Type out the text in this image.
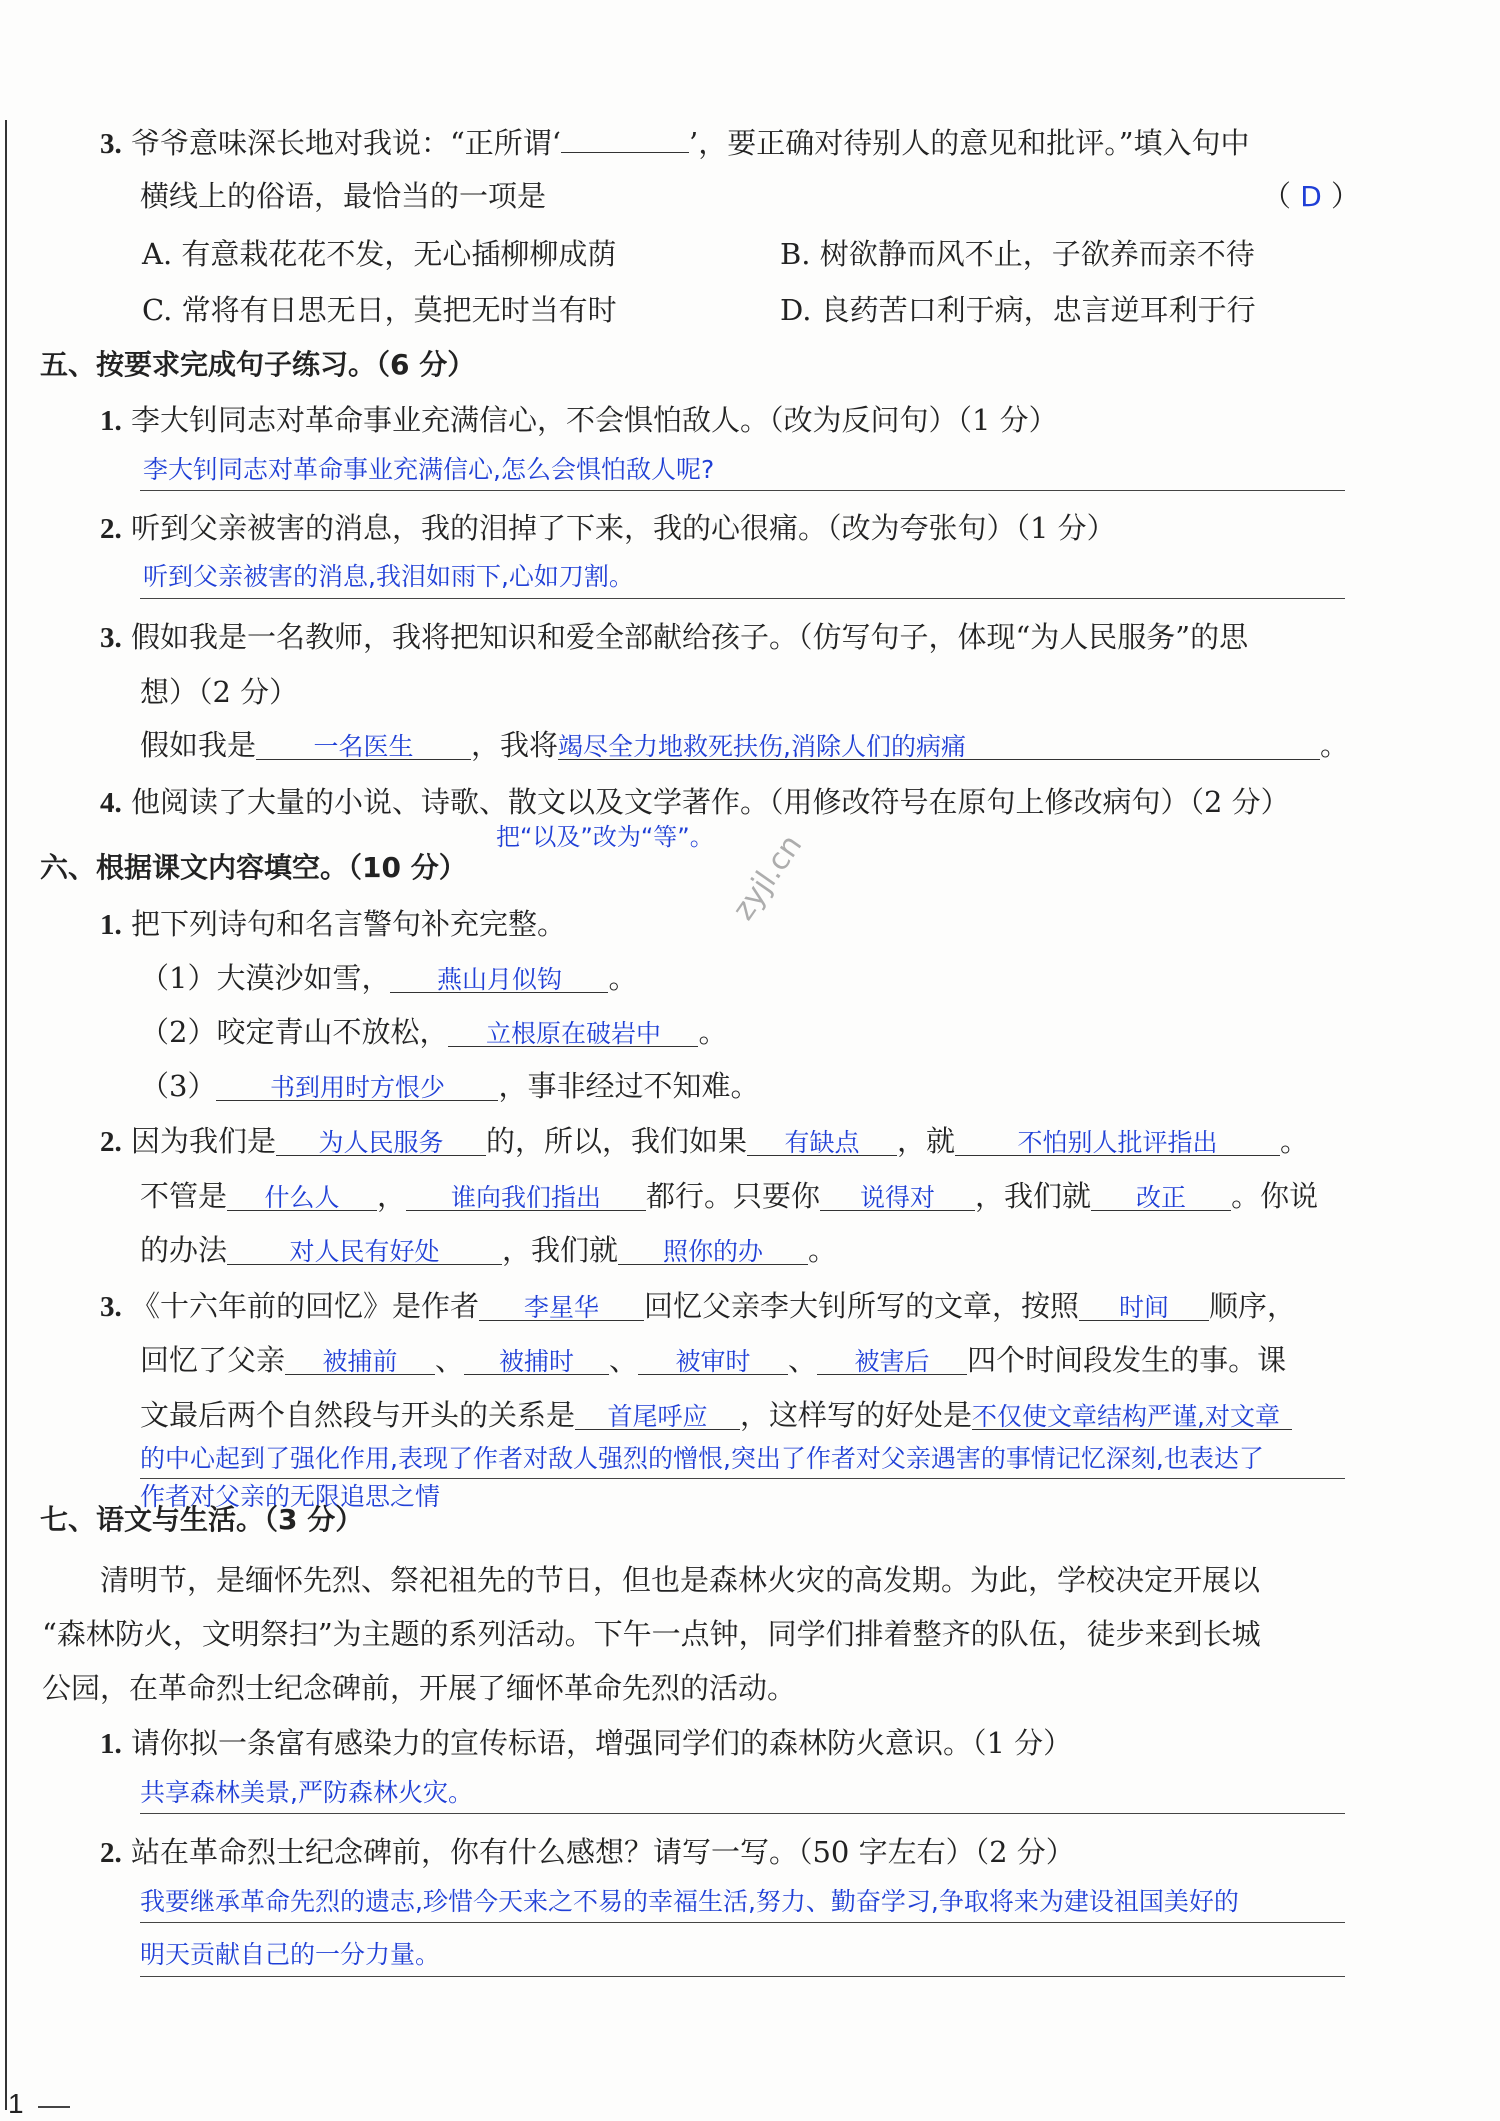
3. 爷爷意味深长地对我说：“正所谓‘	’，要正确对待别人的意见和批评。”填入句中
横线上的俗语，最恰当的一项是	（ D ）
A. 有意栽花花不发，无心插柳柳成荫	B. 树欲静而风不止，子欲养而亲不待
C. 常将有日思无日，莫把无时当有时	D. 良药苦口利于病，忠言逆耳利于行
五、按要求完成句子练习。（6 分）
1. 李大钊同志对革命事业充满信心，不会惧怕敌人。（改为反问句）（1 分）
李大钊同志对革命事业充满信心,怎么会惧怕敌人呢?
2. 听到父亲被害的消息，我的泪掉了下来，我的心很痛。（改为夸张句）（1 分）
听到父亲被害的消息,我泪如雨下,心如刀割。
3. 假如我是一名教师，我将把知识和爱全部献给孩子。（仿写句子，体现“为人民服务”的思
想）（2 分）
假如我是 一名医生 ，我将竭尽全力地救死扶伤,消除人们的病痛	。
4. 他阅读了大量的小说、诗歌、散文以及文学著作。（用修改符号在原句上修改病句）（2 分）
把“以及”改为“等”。
六、根据课文内容填空。（10 分）
1. 把下列诗句和名言警句补充完整。
（1）大漠沙如雪， 燕山月似钩 。
（2）咬定青山不放松， 立根原在破岩中 。
（3） 书到用时方恨少 ，事非经过不知难。
2. 因为我们是 为人民服务 的，所以，我们如果 有缺点 ，就 不怕别人批评指出 。
不管是 什么人 ， 谁向我们指出 都行。只要你 说得对 ，我们就 改正 。你说
的办法 对人民有好处 ，我们就 照你的办 。
3. 《十六年前的回忆》是作者 李星华 回忆父亲李大钊所写的文章，按照 时间 顺序，
回忆了父亲 被捕前 、 被捕时 、 被审时 、 被害后 四个时间段发生的事。课
文最后两个自然段与开头的关系是 首尾呼应 ，这样写的好处是不仅使文章结构严谨,对文章
的中心起到了强化作用,表现了作者对敌人强烈的憎恨,突出了作者对父亲遇害的事情记忆深刻,也表达了
作者对父亲的无限追思之情
七、语文与生活。（3 分）
清明节，是缅怀先烈、祭祀祖先的节日，但也是森林火灾的高发期。为此，学校决定开展以
“森林防火，文明祭扫”为主题的系列活动。下午一点钟，同学们排着整齐的队伍，徒步来到长城
公园，在革命烈士纪念碑前，开展了缅怀革命先烈的活动。
1. 请你拟一条富有感染力的宣传标语，增强同学们的森林防火意识。（1 分）
共享森林美景,严防森林火灾。
2. 站在革命烈士纪念碑前，你有什么感想？请写一写。（50 字左右）（2 分）
我要继承革命先烈的遗志,珍惜今天来之不易的幸福生活,努力、勤奋学习,争取将来为建设祖国美好的
明天贡献自己的一分力量。
zyjl.cn
1
